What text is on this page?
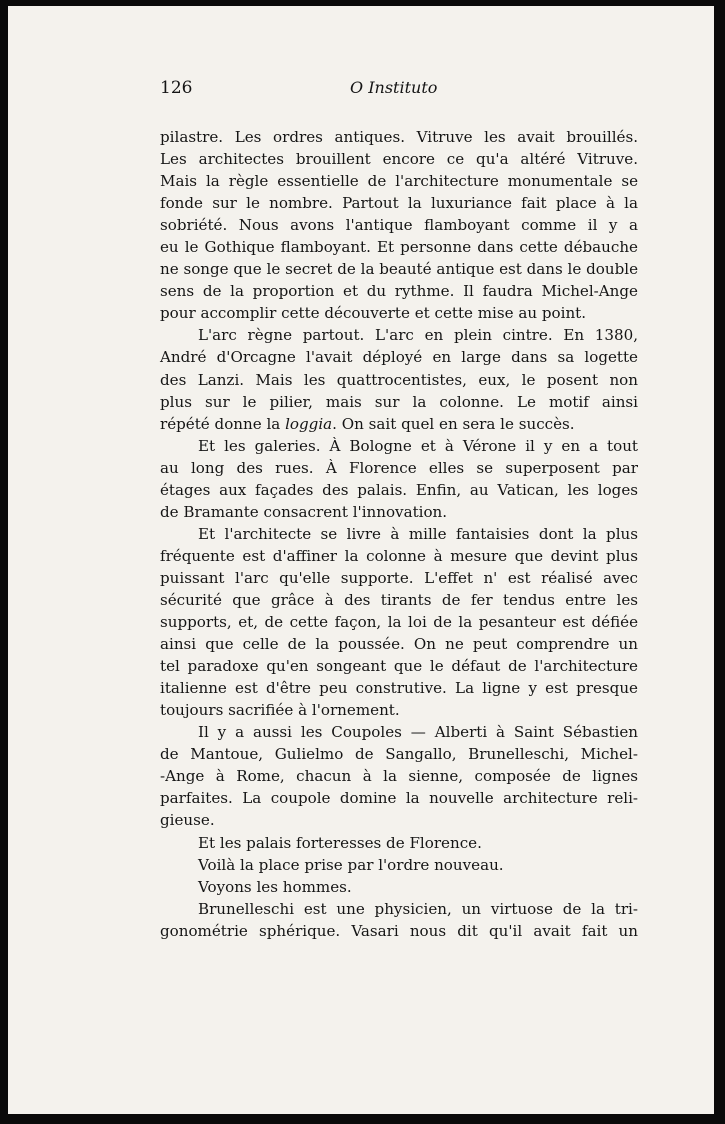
126	O Instituto
pilastre. Les ordres antiques. Vitruve les avait brouillés.
Les architectes brouillent encore ce qu'a altéré Vitruve.
Mais la règle essentielle de l'architecture monumentale se
fonde sur le nombre. Partout la luxuriance fait place à la
sobriété. Nous avons l'antique flamboyant comme il y a
eu le Gothique flamboyant. Et personne dans cette débauche
ne songe que le secret de la beauté antique est dans le double
sens de la proportion et du rythme. Il faudra Michel-Ange
pour accomplir cette découverte et cette mise au point.
L'arc règne partout. L'arc en plein cintre. En 1380,
André d'Orcagne l'avait déployé en large dans sa logette
des Lanzi. Mais les quattrocentistes, eux, le posent non
plus sur le pilier, mais sur la colonne. Le motif ainsi
répété donne la loggia. On sait quel en sera le succès.
Et les galeries. À Bologne et à Vérone il y en a tout
au long des rues. À Florence elles se superposent par
étages aux façades des palais. Enfin, au Vatican, les loges
de Bramante consacrent l'innovation.
Et l'architecte se livre à mille fantaisies dont la plus
fréquente est d'affiner la colonne à mesure que devint plus
puissant l'arc qu'elle supporte. L'effet n' est réalisé avec
sécurité que grâce à des tirants de fer tendus entre les
supports, et, de cette façon, la loi de la pesanteur est défiée
ainsi que celle de la poussée. On ne peut comprendre un
tel paradoxe qu'en songeant que le défaut de l'architecture
italienne est d'être peu construtive. La ligne y est presque
toujours sacrifiée à l'ornement.
Il y a aussi les Coupoles — Alberti à Saint Sébastien
de Mantoue, Gulielmo de Sangallo, Brunelleschi, Michel-
-Ange à Rome, chacun à la sienne, composée de lignes
parfaites. La coupole domine la nouvelle architecture reli-
gieuse.
Et les palais forteresses de Florence.
Voilà la place prise par l'ordre nouveau.
Voyons les hommes.
Brunelleschi est une physicien, un virtuose de la tri-
gonométrie sphérique. Vasari nous dit qu'il avait fait un
